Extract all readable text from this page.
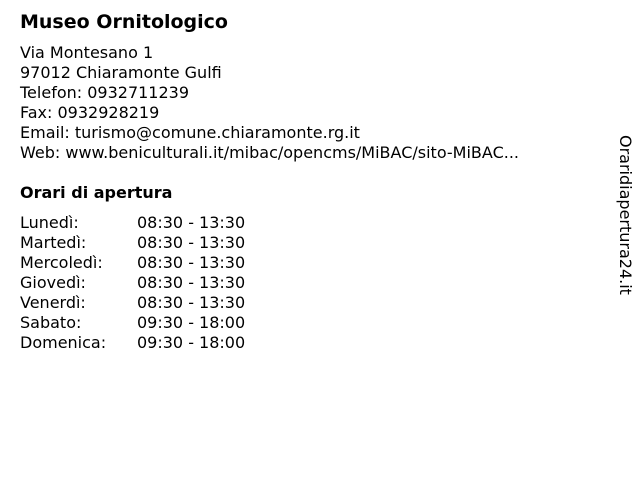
Museo Ornitologico
Via Montesano 1
97012 Chiaramonte Gulfi
Telefon: 0932711239
Fax: 0932928219
Email: turismo@comune.chiaramonte.rg.it
Web: www.beniculturali.it/mibac/opencms/MiBAC/sito-MiBAC...
Orari di apertura
Lunedì:	08:30 - 13:30
Martedì:	08:30 - 13:30
Mercoledì: 08:30 - 13:30
Giovedì:	08:30 - 13:30
Venerdì:	08:30 - 13:30
Sabato:	09:30 - 18:00
Domenica: 09:30 - 18:00
Oraridiapertura24.it
